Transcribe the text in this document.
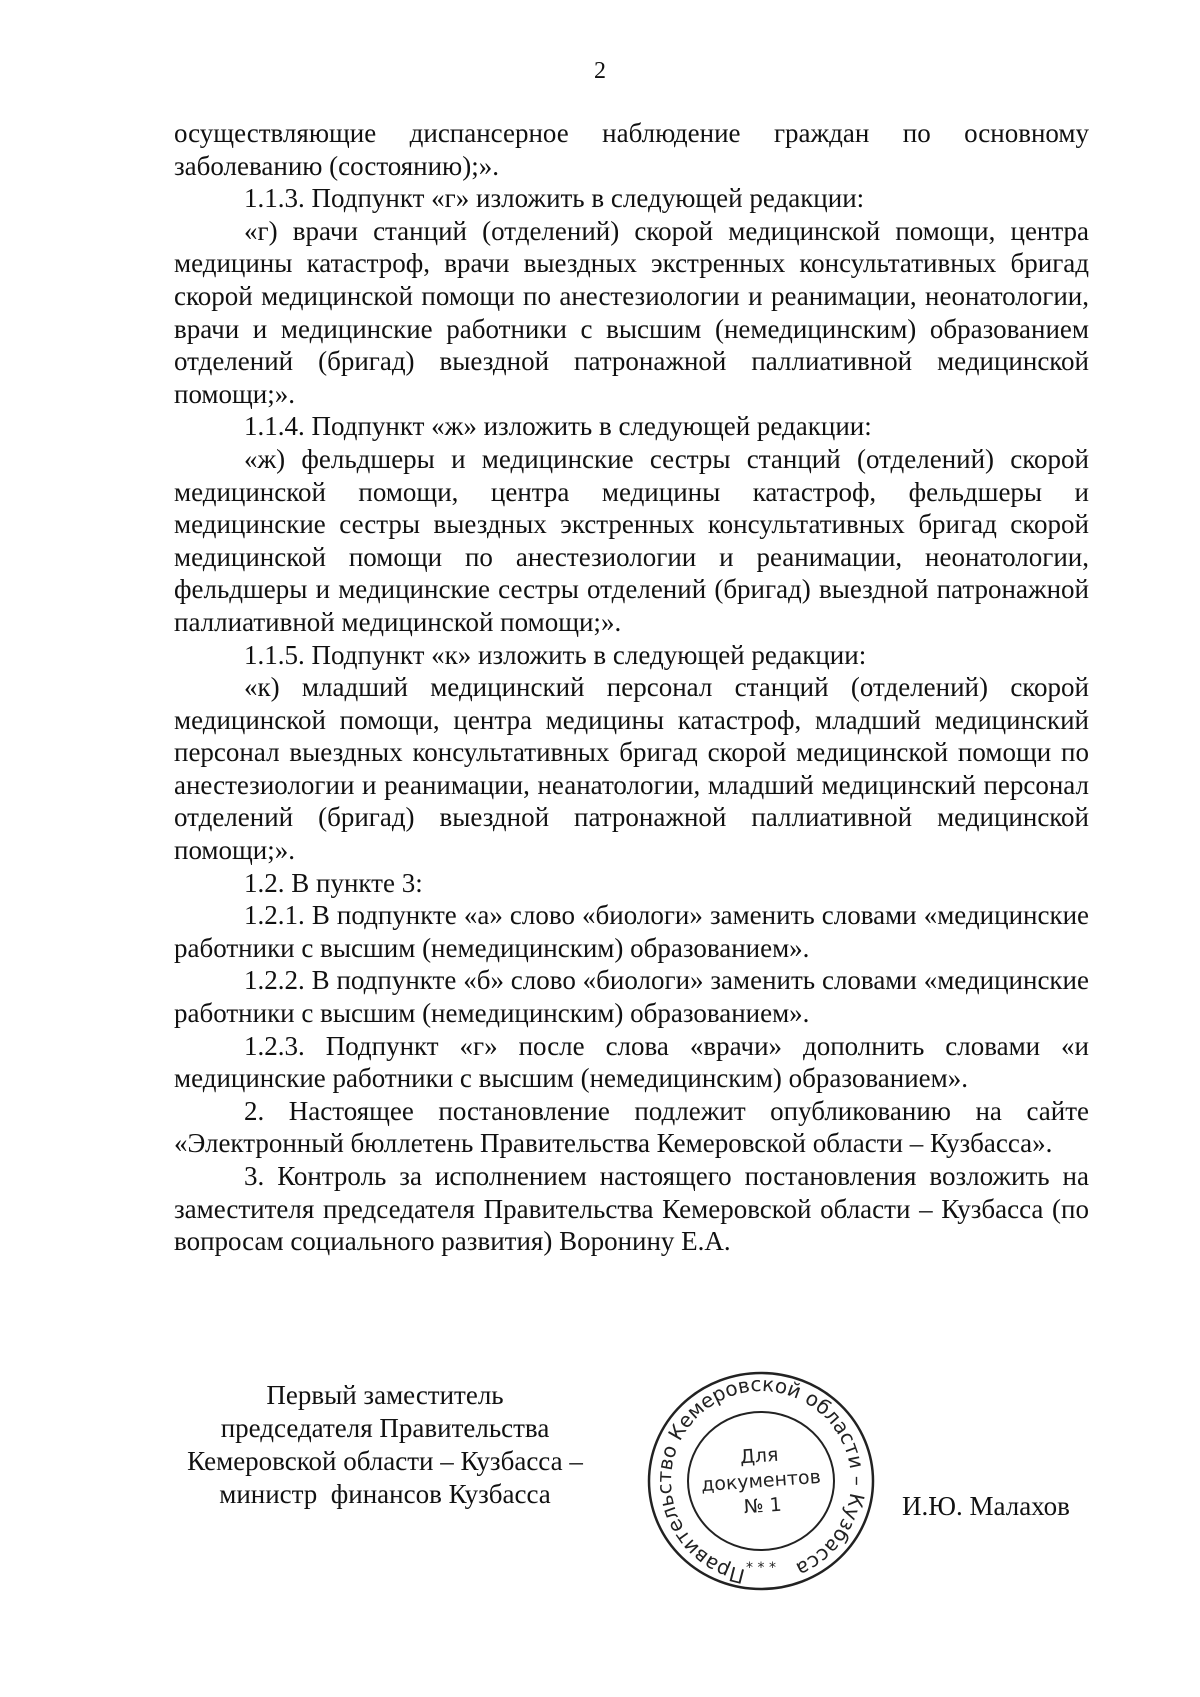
2

осуществляющие диспансерное наблюдение граждан по основному заболеванию (состоянию);».

1.1.3. Подпункт «г» изложить в следующей редакции:

«г) врачи станций (отделений) скорой медицинской помощи, центра медицины катастроф, врачи выездных экстренных консультативных бригад скорой медицинской помощи по анестезиологии и реанимации, неонатологии, врачи и медицинские работники с высшим (немедицинским) образованием отделений (бригад) выездной патронажной паллиативной медицинской помощи;».

1.1.4. Подпункт «ж» изложить в следующей редакции:

«ж) фельдшеры и медицинские сестры станций (отделений) скорой медицинской помощи, центра медицины катастроф, фельдшеры и медицинские сестры выездных экстренных консультативных бригад скорой медицинской помощи по анестезиологии и реанимации, неонатологии, фельдшеры и медицинские сестры отделений (бригад) выездной патронажной паллиативной медицинской помощи;».

1.1.5. Подпункт «к» изложить в следующей редакции:

«к) младший медицинский персонал станций (отделений) скорой медицинской помощи, центра медицины катастроф, младший медицинский персонал выездных консультативных бригад скорой медицинской помощи по анестезиологии и реанимации, неанатологии, младший медицинский персонал отделений (бригад) выездной патронажной паллиативной медицинской помощи;».

1.2. В пункте 3:

1.2.1. В подпункте «а» слово «биологи» заменить словами «медицинские работники с высшим (немедицинским) образованием».

1.2.2. В подпункте «б» слово «биологи» заменить словами «медицинские работники с высшим (немедицинским) образованием».

1.2.3. Подпункт «г» после слова «врачи» дополнить словами «и медицинские работники с высшим (немедицинским) образованием».

2. Настоящее постановление подлежит опубликованию на сайте «Электронный бюллетень Правительства Кемеровской области – Кузбасса».

3. Контроль за исполнением настоящего постановления возложить на заместителя председателя Правительства Кемеровской области – Кузбасса (по вопросам социального развития) Воронину Е.А.

Первый заместитель
председателя Правительства
Кемеровской области – Кузбасса –
министр  финансов Кузбасса
Правительство Кемеровской области – Кузбасса
Для
документов
№ 1
* * *
И.Ю. Малахов
